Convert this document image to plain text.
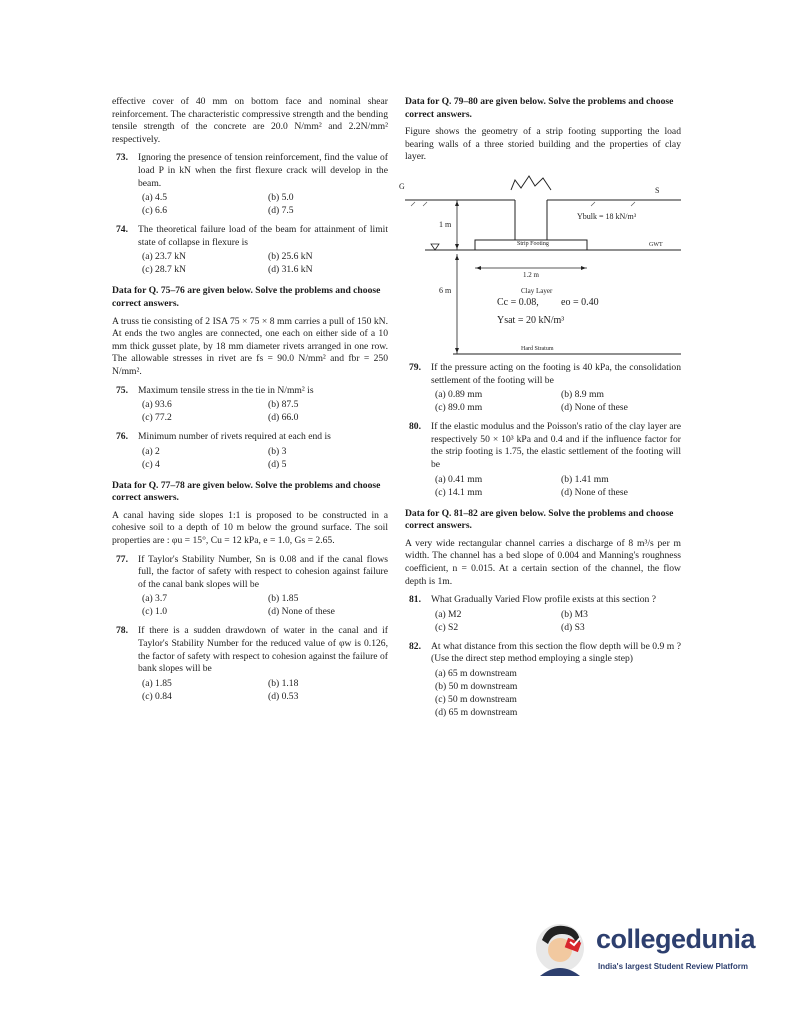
effective cover of 40 mm on bottom face and nominal shear reinforcement. The characteristic compressive strength and the bending tensile strength of the concrete are 20.0 N/mm² and 2.2N/mm² respectively.

73. Ignoring the presence of tension reinforcement, find the value of load P in kN when the first flexure crack will develop in the beam.

(a) 4.5	(b) 5.0
(c) 6.6	(d) 7.5
74. The theoretical failure load of the beam for attainment of limit state of collapse in flexure is

(a) 23.7 kN	(b) 25.6 kN
(c) 28.7 kN	(d) 31.6 kN

Data for Q. 75–76 are given below. Solve the problems and choose correct answers.

A truss tie consisting of 2 ISA 75 × 75 × 8 mm carries a pull of 150 kN. At ends the two angles are connected, one each on either side of a 10 mm thick gusset plate, by 18 mm diameter rivets arranged in one row. The allowable stresses in rivet are fs = 90.0 N/mm² and fbr = 250 N/mm².

75. Maximum tensile stress in the tie in N/mm² is

(a) 93.6	(b) 87.5
(c) 77.2	(d) 66.0
76. Minimum number of rivets required at each end is

(a) 2	(b) 3
(c) 4	(d) 5

Data for Q. 77–78 are given below. Solve the problems and choose correct answers.

A canal having side slopes 1:1 is proposed to be constructed in a cohesive soil to a depth of 10 m below the ground surface. The soil properties are : φu = 15°, Cu = 12 kPa, e = 1.0, Gs = 2.65.

77. If Taylor's Stability Number, Sn is 0.08 and if the canal flows full, the factor of safety with respect to cohesion against failure of the canal bank slopes will be

(a) 3.7	(b) 1.85
(c) 1.0	(d) None of these
78. If there is a sudden drawdown of water in the canal and if Taylor's Stability Number for the reduced value of φw is 0.126, the factor of safety with respect to cohesion against the failure of bank slopes will be

(a) 1.85	(b) 1.18
(c) 0.84	(d) 0.53

Data for Q. 79–80 are given below. Solve the problems and choose correct answers.

Figure shows the geometry of a strip footing supporting the load bearing walls of a three storied building and the properties of clay layer.

G	S
Ybulk = 18 kN/m³
1 m
Strip Footing	GWT
1.2 m
6 m	Clay Layer
Cc = 0.08, eo = 0.40
Ysat = 20 kN/m³
Hard Stratum
79. If the pressure acting on the footing is 40 kPa, the consolidation settlement of the footing will be

(a) 0.89 mm	(b) 8.9 mm
(c) 89.0 mm	(d) None of these
80. If the elastic modulus and the Poisson's ratio of the clay layer are respectively 50 × 10³ kPa and 0.4 and if the influence factor for the strip footing is 1.75, the elastic settlement of the footing will be

(a) 0.41 mm	(b) 1.41 mm
(c) 14.1 mm	(d) None of these

Data for Q. 81–82 are given below. Solve the problems and choose correct answers.

A very wide rectangular channel carries a discharge of 8 m³/s per m width. The channel has a bed slope of 0.004 and Manning's roughness coefficient, n = 0.015. At a certain section of the channel, the flow depth is 1m.

81. What Gradually Varied Flow profile exists at this section ?

(a) M2	(b) M3
(c) S2	(d) S3
82. At what distance from this section the flow depth will be 0.9 m ? (Use the direct step method employing a single step)

(a) 65 m downstream
(b) 50 m downstream
(c) 50 m downstream
(d) 65 m downstream
collegedunia
India's largest Student Review Platform
